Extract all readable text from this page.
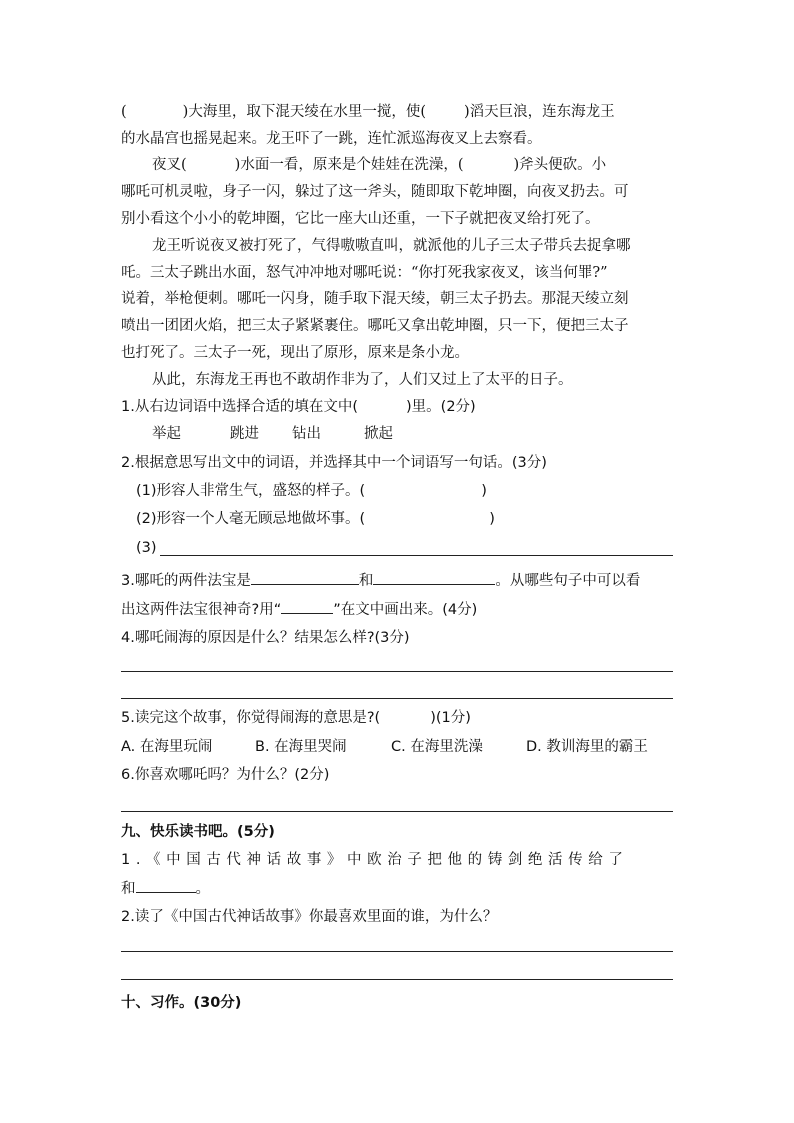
(	)大海里，取下混天绫在水里一搅，使(	)滔天巨浪，连东海龙王
的水晶宫也摇晃起来。龙王吓了一跳，连忙派巡海夜叉上去察看。
夜叉(	)水面一看，原来是个娃娃在洗澡，(	)斧头便砍。小
哪吒可机灵啦，身子一闪，躲过了这一斧头，随即取下乾坤圈，向夜叉扔去。可
别小看这个小小的乾坤圈，它比一座大山还重，一下子就把夜叉给打死了。
龙王听说夜叉被打死了，气得嗷嗷直叫，就派他的儿子三太子带兵去捉拿哪
吒。三太子跳出水面，怒气冲冲地对哪吒说：“你打死我家夜叉，该当何罪?”
说着，举枪便刺。哪吒一闪身，随手取下混天绫，朝三太子扔去。那混天绫立刻
喷出一团团火焰，把三太子紧紧裹住。哪吒又拿出乾坤圈，只一下，便把三太子
也打死了。三太子一死，现出了原形，原来是条小龙。
从此，东海龙王再也不敢胡作非为了，人们又过上了太平的日子。
1.从右边词语中选择合适的填在文中(	)里。(2分)
举起	跳进 钻出	掀起
2.根据意思写出文中的词语，并选择其中一个词语写一句话。(3分)
(1)形容人非常生气，盛怒的样子。(	)
(2)形容一个人毫无顾忌地做坏事。(	)
(3)
3.哪吒的两件法宝是	和	。从哪些句子中可以看
出这两件法宝很神奇?用“	”在文中画出来。(4分)
4.哪吒闹海的原因是什么？结果怎么样?(3分)
5.读完这个故事，你觉得闹海的意思是?(	)(1分)
A. 在海里玩闹	B. 在海里哭闹	C. 在海里洗澡	D. 教训海里的霸王
6.你喜欢哪吒吗？为什么？(2分)
九、快乐读书吧。(5分)
1.《中国古代神话故事》中欧治子把他的铸剑绝活传给了
和	。
2.读了《中国古代神话故事》你最喜欢里面的谁，为什么？
十、习作。(30分)
